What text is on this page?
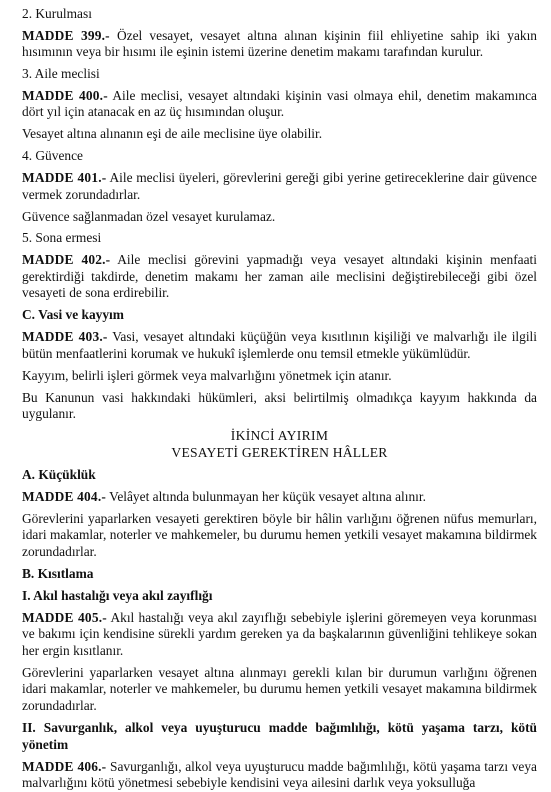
2. Kurulması

MADDE 399.- Özel vesayet, vesayet altına alınan kişinin fiil ehliyetine sahip iki yakın hısımının veya bir hısımı ile eşinin istemi üzerine denetim makamı tarafından kurulur.

3. Aile meclisi

MADDE 400.- Aile meclisi, vesayet altındaki kişinin vasi olmaya ehil, denetim makamınca dört yıl için atanacak en az üç hısımından oluşur.

Vesayet altına alınanın eşi de aile meclisine üye olabilir.

4. Güvence

MADDE 401.- Aile meclisi üyeleri, görevlerini gereği gibi yerine getireceklerine dair güvence vermek zorundadırlar.

Güvence sağlanmadan özel vesayet kurulamaz.

5. Sona ermesi

MADDE 402.- Aile meclisi görevini yapmadığı veya vesayet altındaki kişinin menfaati gerektirdiği takdirde, denetim makamı her zaman aile meclisini değiştirebileceği gibi özel vesayeti de sona erdirebilir.

C. Vasi ve kayyım

MADDE 403.- Vasi, vesayet altındaki küçüğün veya kısıtlının kişiliği ve malvarlığı ile ilgili bütün menfaatlerini korumak ve hukukî işlemlerde onu temsil etmekle yükümlüdür.

Kayyım, belirli işleri görmek veya malvarlığını yönetmek için atanır.

Bu Kanunun vasi hakkındaki hükümleri, aksi belirtilmiş olmadıkça kayyım hakkında da uygulanır.

İKİNCİ AYIRIM

VESAYETİ GEREKTİREN HÂLLER

A. Küçüklük

MADDE 404.- Velâyet altında bulunmayan her küçük vesayet altına alınır.

Görevlerini yaparlarken vesayeti gerektiren böyle bir hâlin varlığını öğrenen nüfus memurları, idari makamlar, noterler ve mahkemeler, bu durumu hemen yetkili vesayet makamına bildirmek zorundadırlar.

B. Kısıtlama

I. Akıl hastalığı veya akıl zayıflığı

MADDE 405.- Akıl hastalığı veya akıl zayıflığı sebebiyle işlerini göremeyen veya korunması ve bakımı için kendisine sürekli yardım gereken ya da başkalarının güvenliğini tehlikeye sokan her ergin kısıtlanır.

Görevlerini yaparlarken vesayet altına alınmayı gerekli kılan bir durumun varlığını öğrenen idari makamlar, noterler ve mahkemeler, bu durumu hemen yetkili vesayet makamına bildirmek zorundadırlar.

II. Savurganlık, alkol veya uyuşturucu madde bağımlılığı, kötü yaşama tarzı, kötü yönetim

MADDE 406.- Savurganlığı, alkol veya uyuşturucu madde bağımlılığı, kötü yaşama tarzı veya malvarlığını kötü yönetmesi sebebiyle kendisini veya ailesini darlık veya yoksulluğa
